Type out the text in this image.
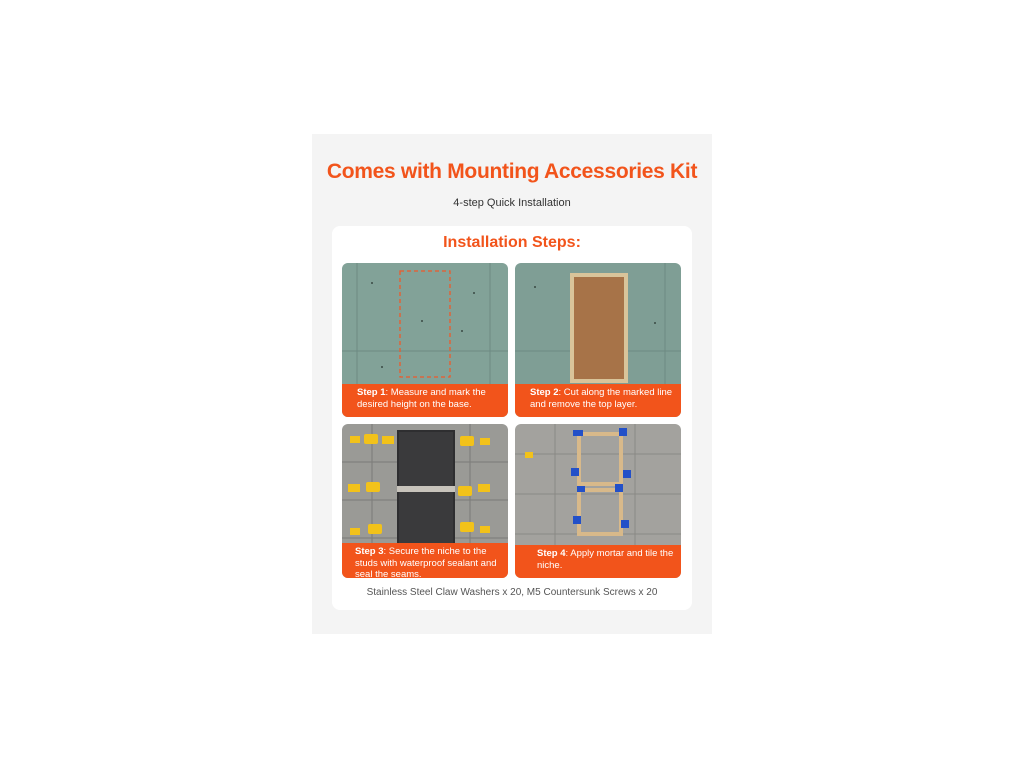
Comes with Mounting Accessories Kit
4-step Quick Installation
Installation Steps:
Step 1: Measure and mark the desired height on the base.
Step 2: Cut along the marked line and remove the top layer.
Step 3: Secure the niche to the studs with waterproof sealant and seal the seams.
Step 4: Apply mortar and tile the niche.
Stainless Steel Claw Washers x 20, M5 Countersunk Screws x 20
